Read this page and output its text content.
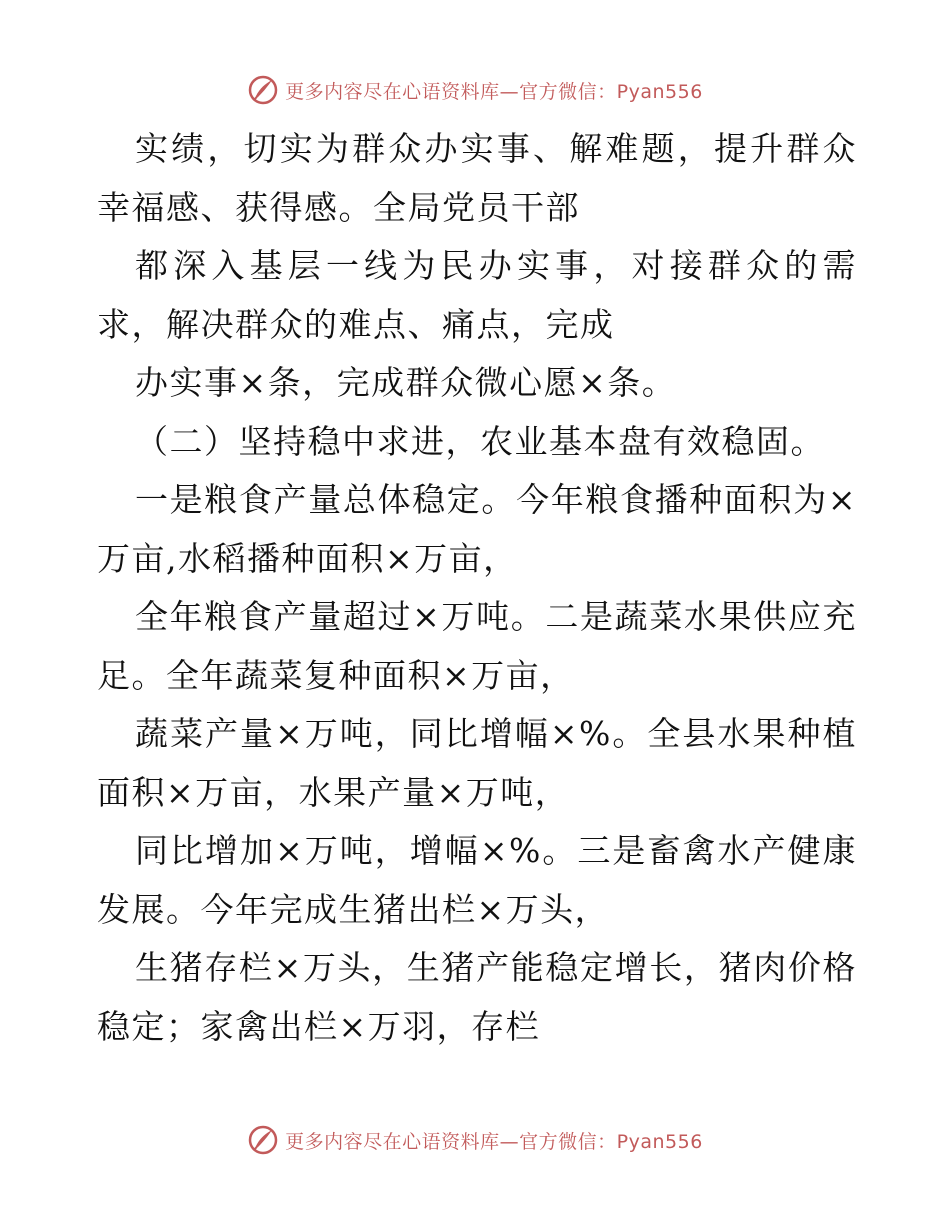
更多内容尽在心语资料库—官方微信：Pyan556

实绩，切实为群众办实事、解难题，提升群众幸福感、获得感。全局党员干部

都深入基层一线为民办实事，对接群众的需求，解决群众的难点、痛点，完成

办实事×条，完成群众微心愿×条。

（二）坚持稳中求进，农业基本盘有效稳固。

一是粮食产量总体稳定。今年粮食播种面积为×万亩,水稻播种面积×万亩，

全年粮食产量超过×万吨。二是蔬菜水果供应充足。全年蔬菜复种面积×万亩，

蔬菜产量×万吨，同比增幅×%。全县水果种植面积×万亩，水果产量×万吨，

同比增加×万吨，增幅×%。三是畜禽水产健康发展。今年完成生猪出栏×万头，

生猪存栏×万头，生猪产能稳定增长，猪肉价格稳定；家禽出栏×万羽，存栏

更多内容尽在心语资料库—官方微信：Pyan556
